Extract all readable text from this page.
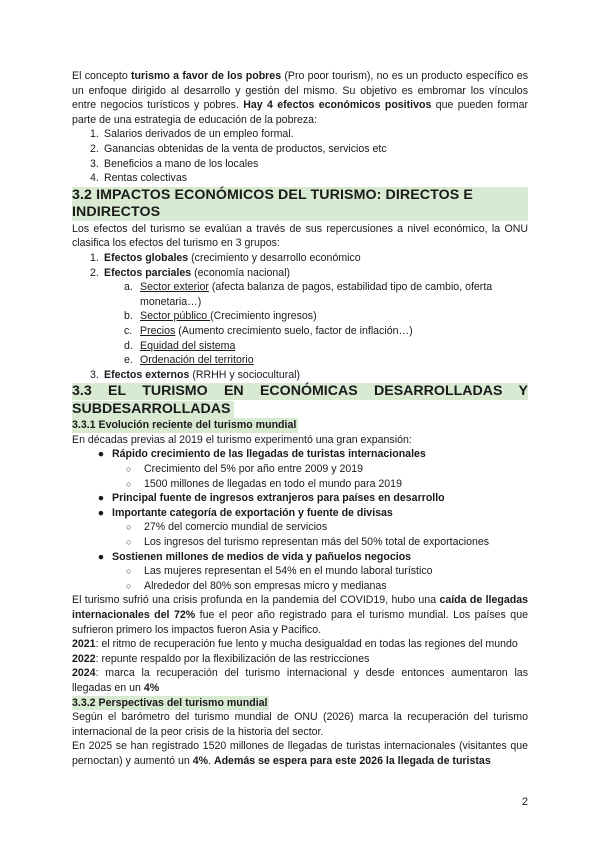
El concepto turismo a favor de los pobres (Pro poor tourism), no es un producto específico es un enfoque dirigido al desarrollo y gestión del mismo. Su objetivo es embromar los vínculos entre negocios turísticos y pobres. Hay 4 efectos económicos positivos que pueden formar parte de una estrategia de educación de la pobreza:

1. Salarios derivados de un empleo formal.
2. Ganancias obtenidas de la venta de productos, servicios etc
3. Beneficios a mano de los locales
4. Rentas colectivas
3.2 IMPACTOS ECONÓMICOS DEL TURISMO: DIRECTOS E INDIRECTOS

Los efectos del turismo se evalúan a través de sus repercusiones a nivel económico, la ONU clasifica los efectos del turismo en 3 grupos:

1. Efectos globales (crecimiento y desarrollo económico
2. Efectos parciales (economía nacional)
a. Sector exterior (afecta balanza de pagos, estabilidad tipo de cambio, oferta monetaria…)
b. Sector público (Crecimiento ingresos)
c. Precios (Aumento crecimiento suelo, factor de inflación…)
d. Equidad del sistema
e. Ordenación del territorio
3. Efectos externos (RRHH y sociocultural)
3.3 EL TURISMO EN ECONÓMICAS DESARROLLADAS Y
SUBDESARROLLADAS
3.3.1 Evolución reciente del turismo mundial

En décadas previas al 2019 el turismo experimentó una gran expansión:

● Rápido crecimiento de las llegadas de turistas internacionales
○	Crecimiento del 5% por año entre 2009 y 2019
○	1500 millones de llegadas en todo el mundo para 2019
● Principal fuente de ingresos extranjeros para países en desarrollo
● Importante categoría de exportación y fuente de divisas
○	27% del comercio mundial de servicios
○	Los ingresos del turismo representan más del 50% total de exportaciones
● Sostienen millones de medios de vida y pañuelos negocios
○	Las mujeres representan el 54% en el mundo laboral turístico
○	Alrededor del 80% son empresas micro y medianas

El turismo sufrió una crisis profunda en la pandemia del COVID19, hubo una caída de llegadas internacionales del 72% fue el peor año registrado para el turismo mundial. Los países que sufrieron primero los impactos fueron Asia y Pacifico.

2021: el ritmo de recuperación fue lento y mucha desigualdad en todas las regiones del mundo

2022: repunte respaldo por la flexibilización de las restricciones

2024: marca la recuperación del turismo internacional y desde entonces aumentaron las llegadas en un 4%

3.3.2 Perspectivas del turismo mundial

Según el barómetro del turismo mundial de ONU (2026) marca la recuperación del turismo internacional de la peor crisis de la historia del sector.

En 2025 se han registrado 1520 millones de llegadas de turistas internacionales (visitantes que pernoctan) y aumentó un 4%. Además se espera para este 2026 la llegada de turistas

2
